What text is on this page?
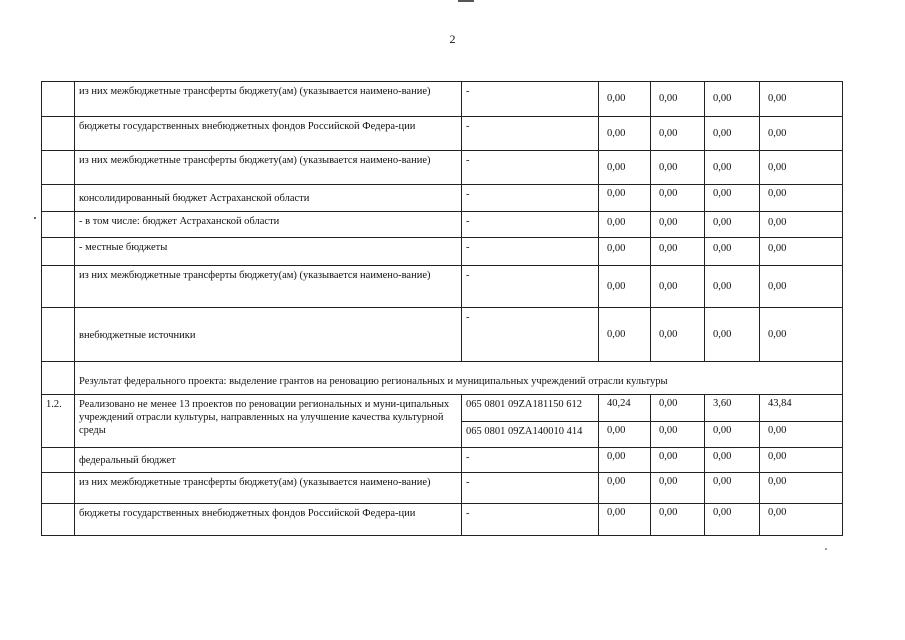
2
	из них межбюджетные трансферты бюджету(ам) (указывается наимено-вание)	-	0,00	0,00	0,00	0,00
	бюджеты государственных внебюджетных фондов Российской Федера-ции	-	0,00	0,00	0,00	0,00
	из них межбюджетные трансферты бюджету(ам) (указывается наимено-вание)	-	0,00	0,00	0,00	0,00
	консолидированный бюджет Астраханской области	-	0,00	0,00	0,00	0,00
	- в том числе: бюджет Астраханской области	-	0,00	0,00	0,00	0,00
	- местные бюджеты	-	0,00	0,00	0,00	0,00
	из них межбюджетные трансферты бюджету(ам) (указывается наимено-вание)	-	0,00	0,00	0,00	0,00
	внебюджетные источники	-	0,00	0,00	0,00	0,00
	Результат федерального проекта: выделение грантов на реновацию региональных и муниципальных учреждений отрасли культуры					
1.2.	Реализовано не менее 13 проектов по реновации региональных и муни-ципальных учреждений отрасли культуры, направленных на улучшение качества культурной среды	065 0801 09ZA181150 612	40,24	0,00	3,60	43,84
		065 0801 09ZA140010 414	0,00	0,00	0,00	0,00
	федеральный бюджет	-	0,00	0,00	0,00	0,00
	из них межбюджетные трансферты бюджету(ам) (указывается наимено-вание)	-	0,00	0,00	0,00	0,00
	бюджеты государственных внебюджетных фондов Российской Федера-ции	-	0,00	0,00	0,00	0,00
